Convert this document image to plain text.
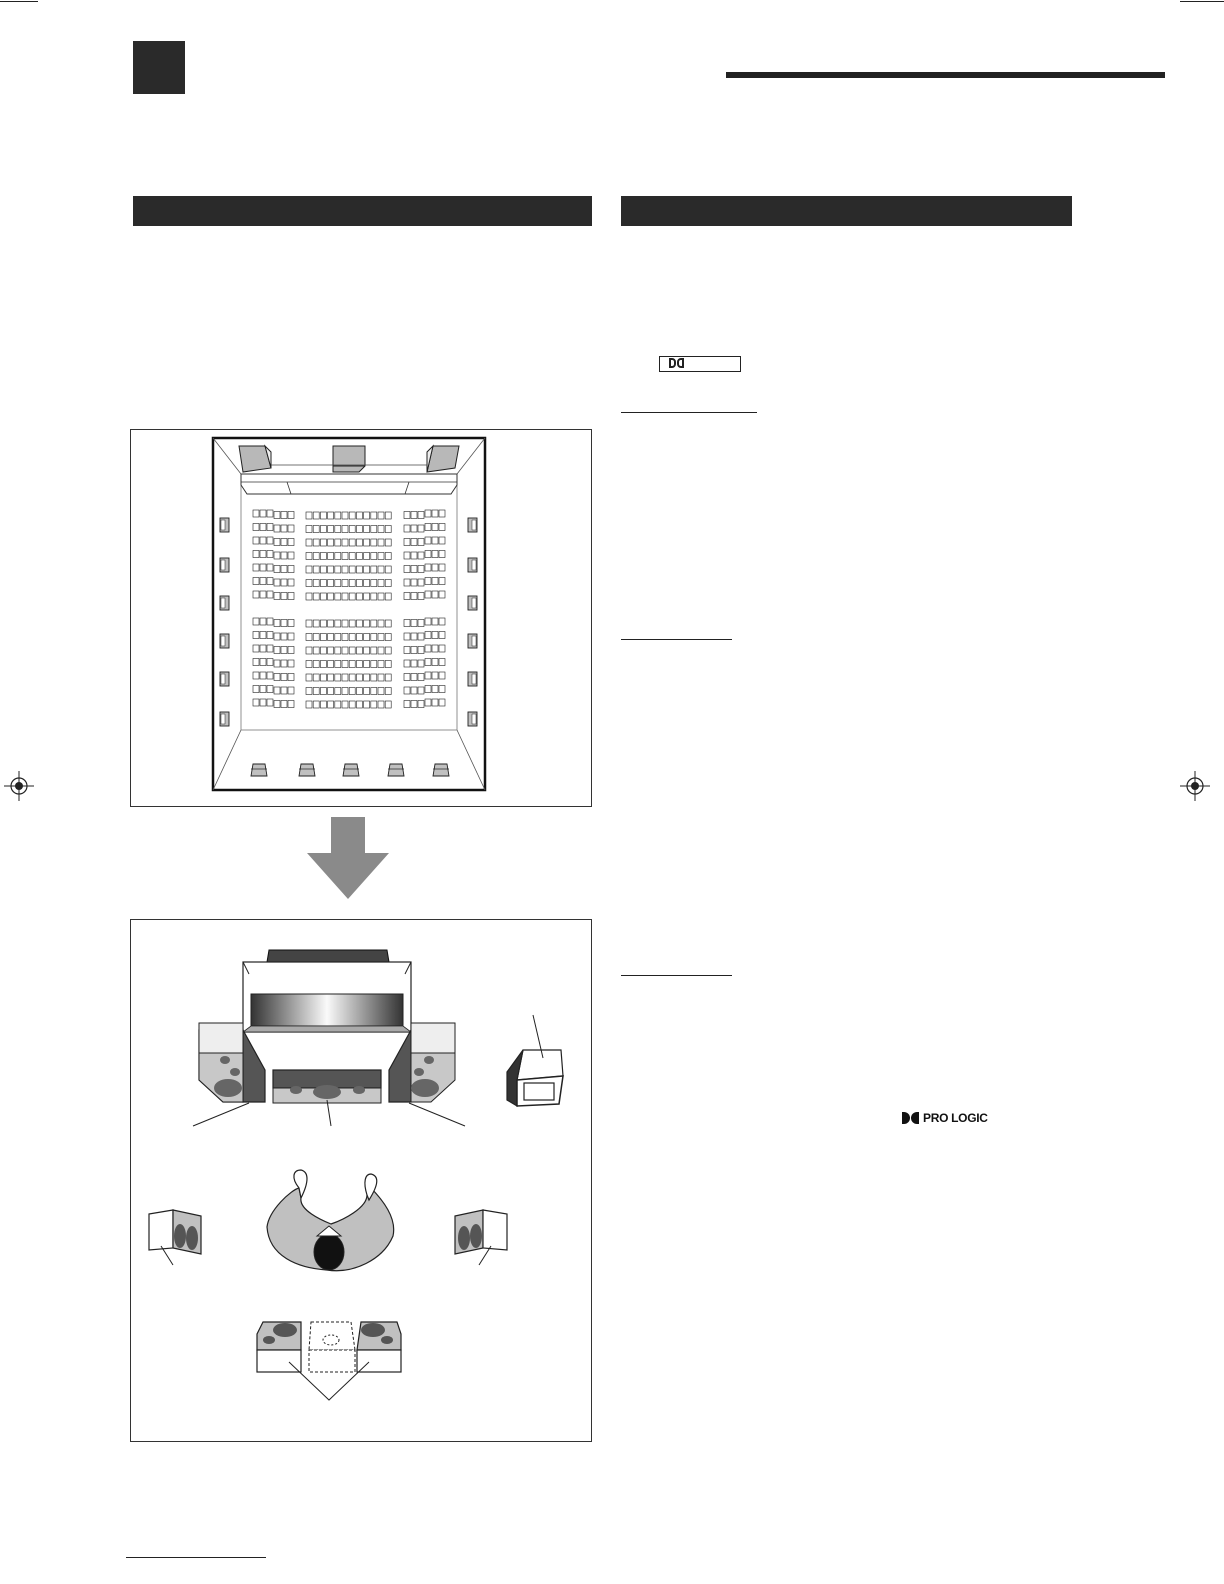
PRO LOGIC
